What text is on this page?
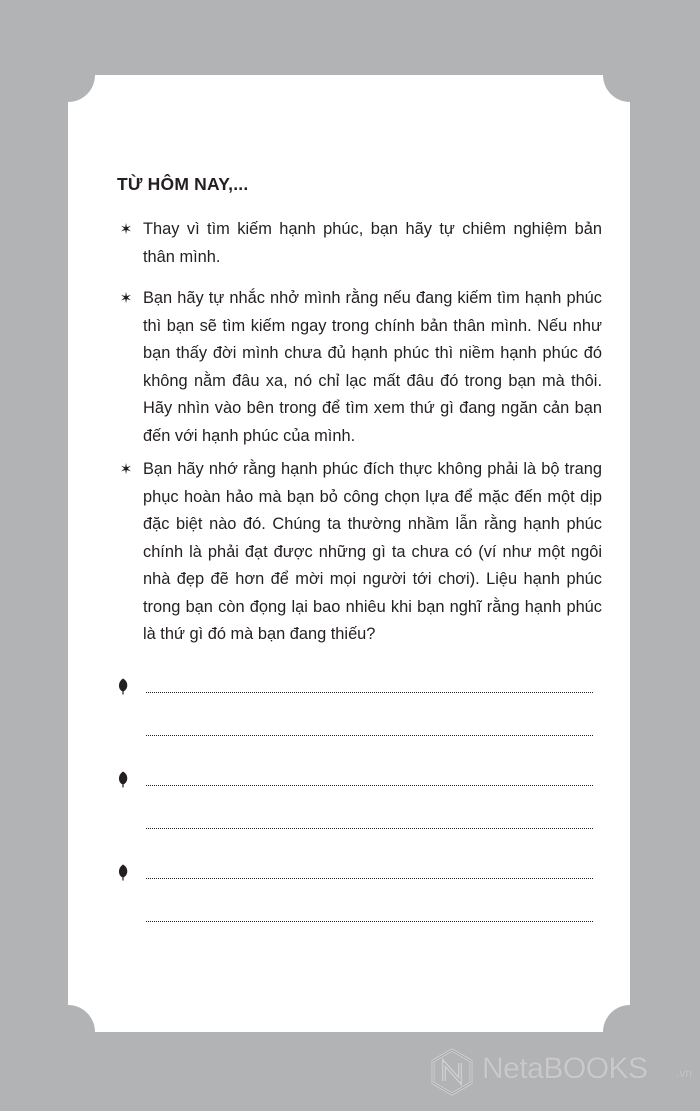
TỪ HÔM NAY,...
✶ Thay vì tìm kiếm hạnh phúc, bạn hãy tự chiêm nghiệm bản thân mình.
✶ Bạn hãy tự nhắc nhở mình rằng nếu đang kiếm tìm hạnh phúc thì bạn sẽ tìm kiếm ngay trong chính bản thân mình. Nếu như bạn thấy đời mình chưa đủ hạnh phúc thì niềm hạnh phúc đó không nằm đâu xa, nó chỉ lạc mất đâu đó trong bạn mà thôi. Hãy nhìn vào bên trong để tìm xem thứ gì đang ngăn cản bạn đến với hạnh phúc của mình.
✶ Bạn hãy nhớ rằng hạnh phúc đích thực không phải là bộ trang phục hoàn hảo mà bạn bỏ công chọn lựa để mặc đến một dịp đặc biệt nào đó. Chúng ta thường nhầm lẫn rằng hạnh phúc chính là phải đạt được những gì ta chưa có (ví như một ngôi nhà đẹp đẽ hơn để mời mọi người tới chơi). Liệu hạnh phúc trong bạn còn đọng lại bao nhiêu khi bạn nghĩ rằng hạnh phúc là thứ gì đó mà bạn đang thiếu?
NetaBOOKS .vn
